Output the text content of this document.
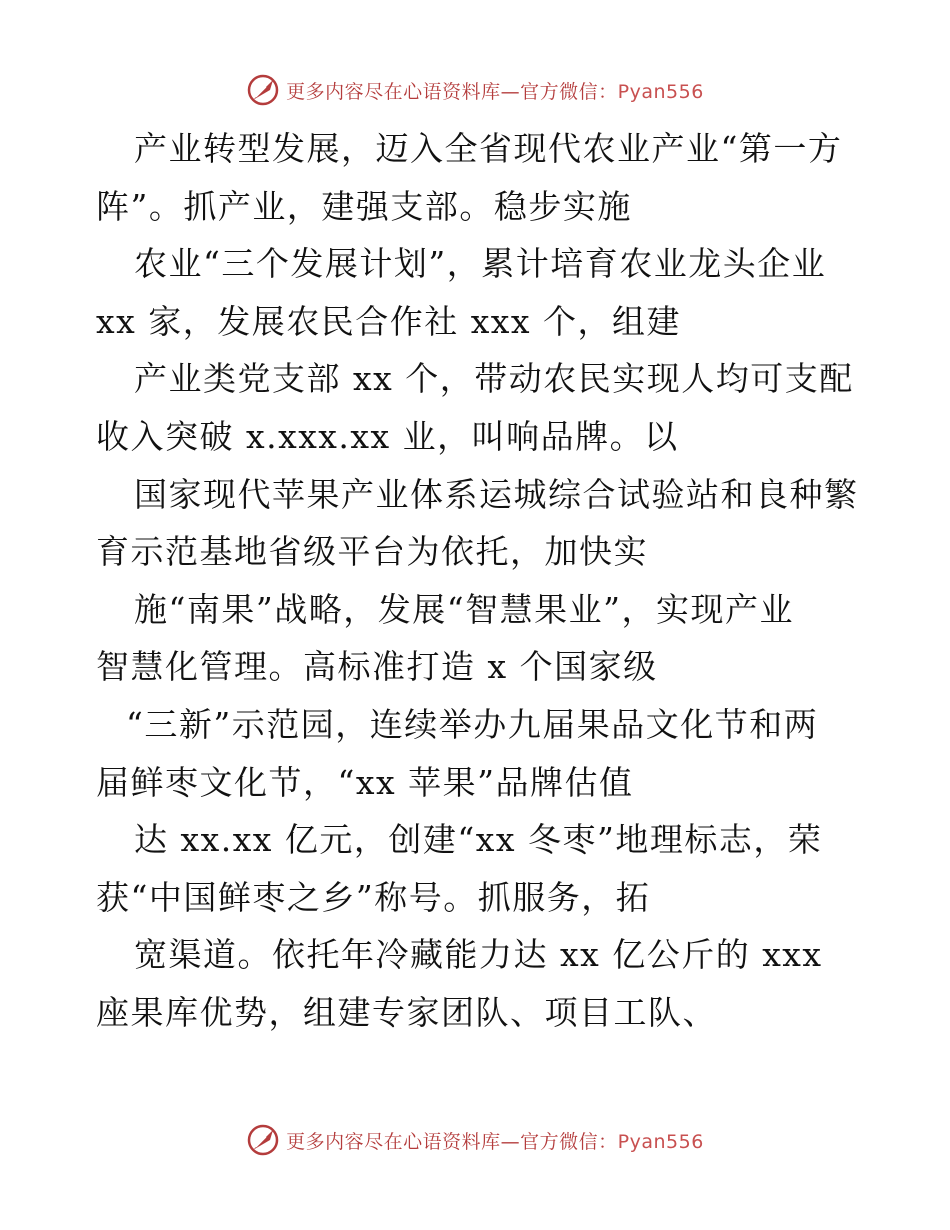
更多内容尽在心语资料库—官方微信：Pyan556
产业转型发展，迈入全省现代农业产业“第一方
阵”。抓产业，建强支部。稳步实施
农业“三个发展计划”，累计培育农业龙头企业
xx 家，发展农民合作社 xxx 个，组建
产业类党支部 xx 个，带动农民实现人均可支配
收入突破 x.xxx.xx 业，叫响品牌。以
国家现代苹果产业体系运城综合试验站和良种繁
育示范基地省级平台为依托，加快实
施“南果”战略，发展“智慧果业”，实现产业
智慧化管理。高标准打造 x 个国家级
“三新”示范园，连续举办九届果品文化节和两
届鲜枣文化节，“xx 苹果”品牌估值
达 xx.xx 亿元，创建“xx 冬枣”地理标志，荣
获“中国鲜枣之乡”称号。抓服务，拓
宽渠道。依托年冷藏能力达 xx 亿公斤的 xxx
座果库优势，组建专家团队、项目工队、
更多内容尽在心语资料库—官方微信：Pyan556
